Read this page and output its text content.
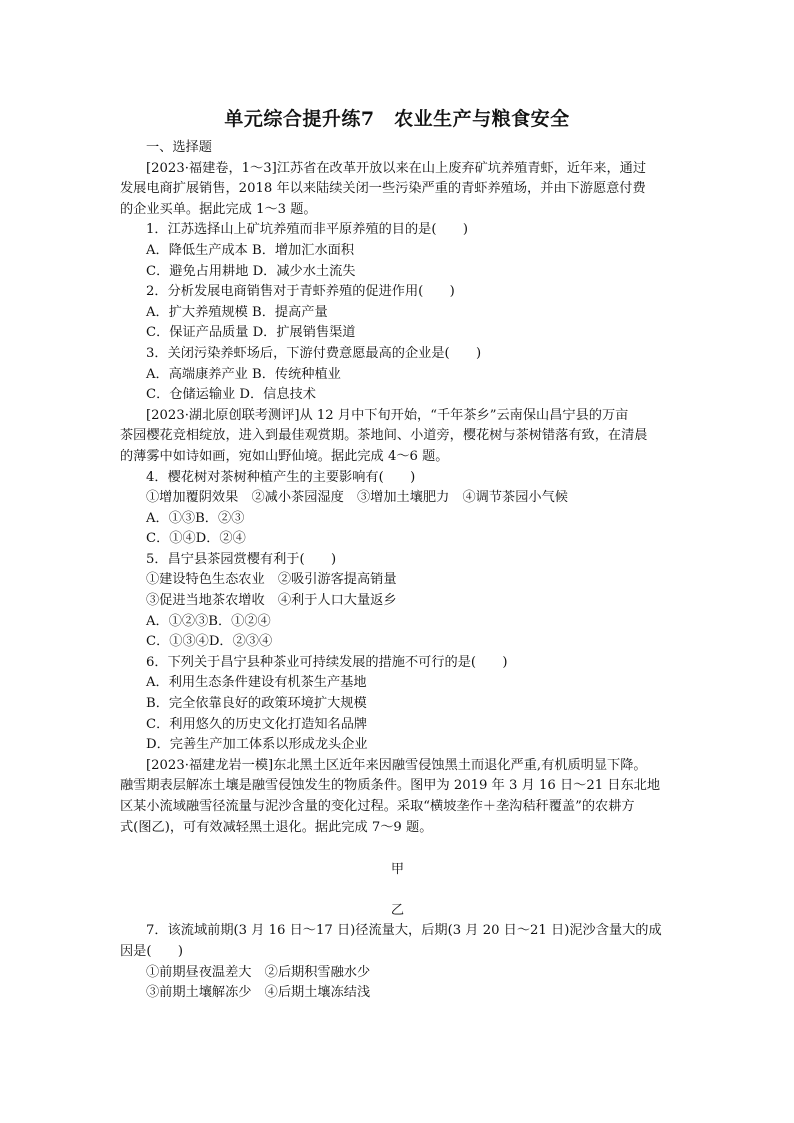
单元综合提升练7　农业生产与粮食安全

一、选择题

[2023·福建卷，1～3]江苏省在改革开放以来在山上废弃矿坑养殖青虾，近年来，通过

发展电商扩展销售，2018 年以来陆续关闭一些污染严重的青虾养殖场，并由下游愿意付费

的企业买单。据此完成 1～3 题。

1．江苏选择山上矿坑养殖而非平原养殖的目的是(　　)

A．降低生产成本 B．增加汇水面积

C．避免占用耕地 D．减少水土流失

2．分析发展电商销售对于青虾养殖的促进作用(　　)

A．扩大养殖规模 B．提高产量

C．保证产品质量 D．扩展销售渠道

3．关闭污染养虾场后，下游付费意愿最高的企业是(　　)

A．高端康养产业 B．传统种植业

C．仓储运输业 D．信息技术

[2023·湖北原创联考测评]从 12 月中下旬开始，“千年茶乡”云南保山昌宁县的万亩

茶园樱花竞相绽放，进入到最佳观赏期。茶地间、小道旁，樱花树与茶树错落有致，在清晨

的薄雾中如诗如画，宛如山野仙境。据此完成 4～6 题。

4．樱花树对茶树种植产生的主要影响有(　　)

①增加覆阴效果　②减小茶园湿度　③增加土壤肥力　④调节茶园小气候

A．①③B．②③

C．①④D．②④

5．昌宁县茶园赏樱有利于(　　)

①建设特色生态农业　②吸引游客提高销量

③促进当地茶农增收　④利于人口大量返乡

A．①②③B．①②④

C．①③④D．②③④

6．下列关于昌宁县种茶业可持续发展的措施不可行的是(　　)

A．利用生态条件建设有机茶生产基地

B．完全依靠良好的政策环境扩大规模

C．利用悠久的历史文化打造知名品牌

D．完善生产加工体系以形成龙头企业

[2023·福建龙岩一模]东北黑土区近年来因融雪侵蚀黑土而退化严重,有机质明显下降。

融雪期表层解冻土壤是融雪侵蚀发生的物质条件。图甲为 2019 年 3 月 16 日～21 日东北地

区某小流域融雪径流量与泥沙含量的变化过程。采取“横坡垄作＋垄沟秸秆覆盖”的农耕方

式(图乙)，可有效减轻黑土退化。据此完成 7～9 题。

甲

乙

7．该流域前期(3 月 16 日～17 日)径流量大，后期(3 月 20 日～21 日)泥沙含量大的成

因是(　　)

①前期昼夜温差大　②后期积雪融水少

③前期土壤解冻少　④后期土壤冻结浅
